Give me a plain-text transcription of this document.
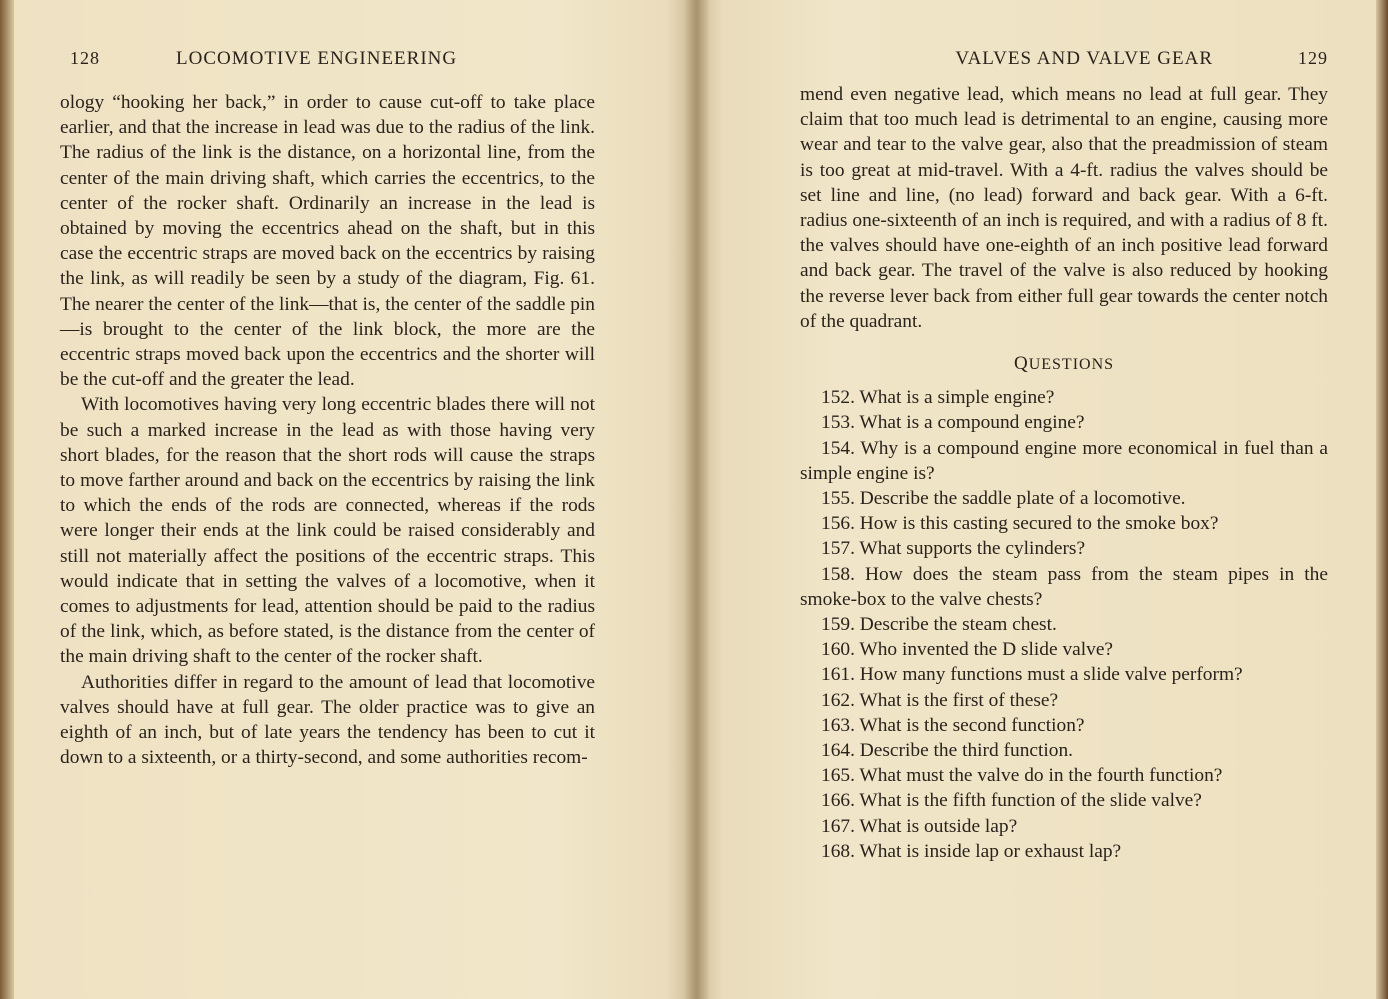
128	LOCOMOTIVE ENGINEERING

ology “hooking her back,” in order to cause cut-off to take place earlier, and that the increase in lead was due to the radius of the link. The radius of the link is the distance, on a horizontal line, from the center of the main driving shaft, which carries the eccentrics, to the center of the rocker shaft. Ordinarily an increase in the lead is obtained by moving the eccentrics ahead on the shaft, but in this case the eccentric straps are moved back on the eccentrics by raising the link, as will readily be seen by a study of the diagram, Fig. 61. The nearer the center of the link—that is, the center of the saddle pin—is brought to the center of the link block, the more are the eccentric straps moved back upon the eccentrics and the shorter will be the cut-off and the greater the lead.

With locomotives having very long eccentric blades there will not be such a marked increase in the lead as with those having very short blades, for the reason that the short rods will cause the straps to move farther around and back on the eccentrics by raising the link to which the ends of the rods are connected, whereas if the rods were longer their ends at the link could be raised considerably and still not materially affect the positions of the eccentric straps. This would indicate that in setting the valves of a locomotive, when it comes to adjustments for lead, attention should be paid to the radius of the link, which, as before stated, is the distance from the center of the main driving shaft to the center of the rocker shaft.

Authorities differ in regard to the amount of lead that locomotive valves should have at full gear. The older practice was to give an eighth of an inch, but of late years the tendency has been to cut it down to a sixteenth, or a thirty-second, and some authorities recom-

VALVES AND VALVE GEAR	129

mend even negative lead, which means no lead at full gear. They claim that too much lead is detrimental to an engine, causing more wear and tear to the valve gear, also that the preadmission of steam is too great at mid-travel. With a 4-ft. radius the valves should be set line and line, (no lead) forward and back gear. With a 6-ft. radius one-sixteenth of an inch is required, and with a radius of 8 ft. the valves should have one-eighth of an inch positive lead forward and back gear. The travel of the valve is also reduced by hooking the reverse lever back from either full gear towards the center notch of the quadrant.

QUESTIONS

152. What is a simple engine?

153. What is a compound engine?

154. Why is a compound engine more economical in fuel than a simple engine is?

155. Describe the saddle plate of a locomotive.

156. How is this casting secured to the smoke box?

157. What supports the cylinders?

158. How does the steam pass from the steam pipes in the smoke-box to the valve chests?

159. Describe the steam chest.

160. Who invented the D slide valve?

161. How many functions must a slide valve perform?

162. What is the first of these?

163. What is the second function?

164. Describe the third function.

165. What must the valve do in the fourth function?

166. What is the fifth function of the slide valve?

167. What is outside lap?

168. What is inside lap or exhaust lap?
